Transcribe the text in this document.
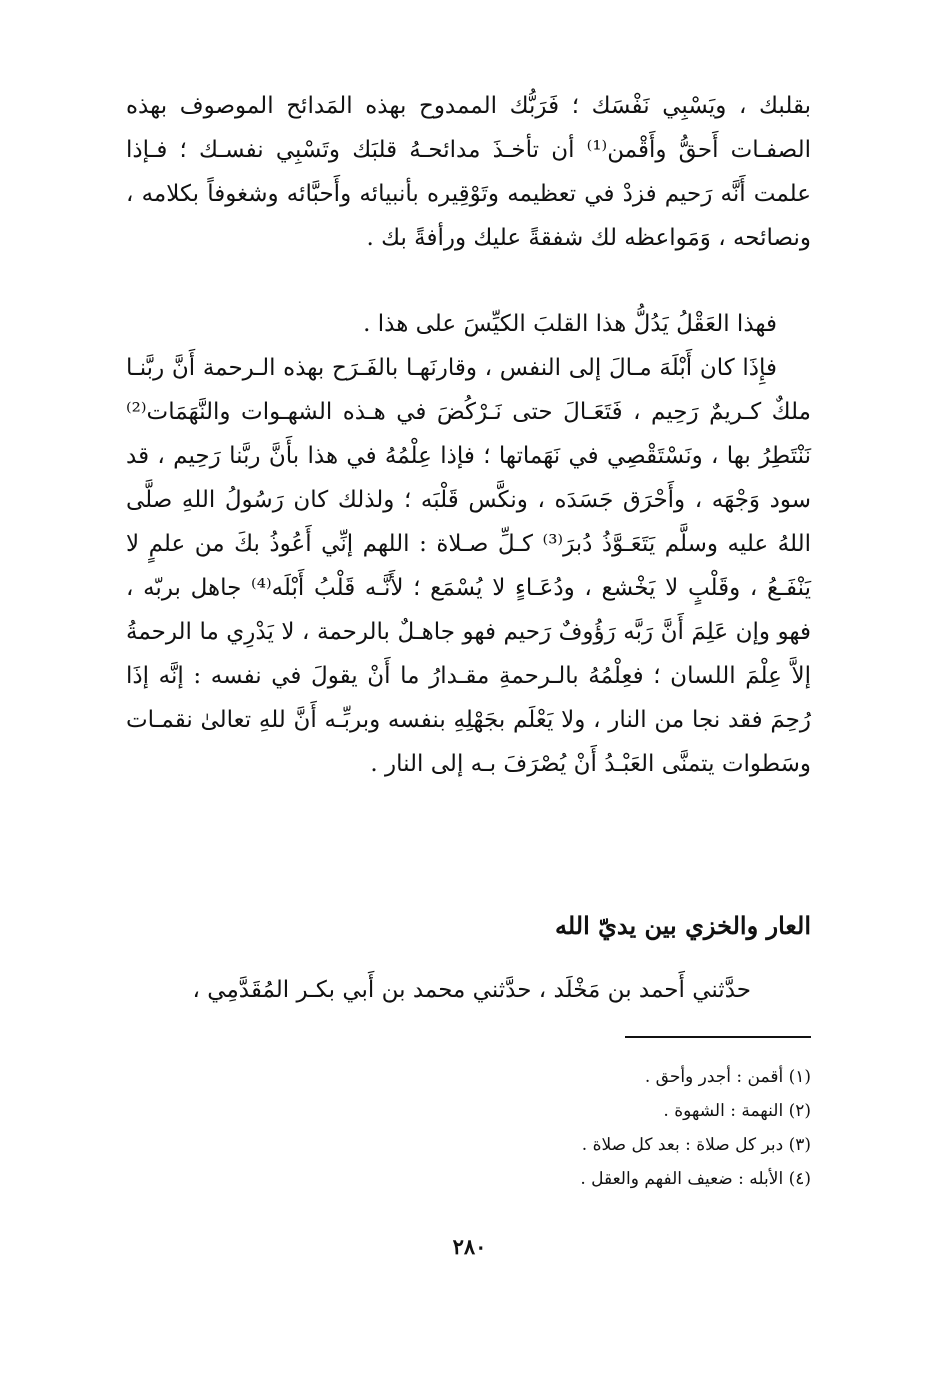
بقلبك ، ويَسْبِي نَفْسَك ؛ فَرَبُّك الممدوح بهذه المَدائح الموصوف بهذه الصفـات أَحقُّ وأَقْمن⁽¹⁾ أن تأخـذَ مدائحـهُ قلبَك وتَسْبِي نفسـك ؛ فـإذا علمت أَنَّه رَحيم فزدْ في تعظيمه وتَوْقِيره بأنبيائه وأَحبَّائه وشغوفاً بكلامه ، ونصائحه ، وَمَواعظه لك شفقةً عليك ورأفةً بك .

فهذا العَقْلُ يَدُلُّ هذا القلبَ الكيِّسَ على هذا .

فإِذَا كان أَبْلَهَ مـالَ إلى النفس ، وقارنَهـا بالفَـرَح بهذه الـرحمة أَنَّ ربَّنـا ملكٌ كـريمٌ رَحِيم ، فَتَعَـالَ حتى نَـرْكُضَ في هـذه الشهـوات والنَّهَمَات⁽²⁾ نَنْتَطِرُ بها ، ونَسْتَقْصِي في نَهَماتها ؛ فإذا عِلْمُهُ في هذا بأَنَّ ربَّنا رَحِيم ، قد سود وَجْهَه ، وأَحْرَق جَسَدَه ، ونكَّس قَلْبَه ؛ ولذلك كان رَسُولُ اللهِ صلَّى اللهُ عليه وسلَّم يَتَعَـوَّذُ دُبرَ⁽³⁾ كـلِّ صـلاة : اللهم إنِّي أَعُوذُ بكَ من علمٍ لا يَنْفَـعُ ، وقَلْبٍ لا يَخْشع ، ودُعَـاءٍ لا يُسْمَع ؛ لأَنَّـه قَلْبُ أَبْلَه⁽⁴⁾ جاهل بربّه ، فهو وإن عَلِمَ أَنَّ رَبَّه رَؤُوفٌ رَحيم فهو جاهـلٌ بالرحمة ، لا يَدْرِي ما الرحمةُ إلاَّ عِلْمَ اللسان ؛ فعِلْمُهُ بالـرحمةِ مقـدارُ ما أَنْ يقولَ في نفسه : إنَّه إذَا رُحِمَ فقد نجا من النار ، ولا يَعْلَم بجَهْلِهِ بنفسه وبربِّـه أَنَّ للهِ تعالىٰ نقمـات وسَطوات يتمنَّى العَبْـدُ أَنْ يُصْرَفَ بـه إلى النار .

العار والخزي بين يديّ الله

حدَّثني أَحمد بن مَخْلَد ، حدَّثني محمد بن أَبي بكـر المُقَدَّمِي ،

(١) أقمن : أجدر وأحق .
(٢) النهمة : الشهوة .
(٣) دبر كل صلاة : بعد كل صلاة .
(٤) الأبله : ضعيف الفهم والعقل .
٢٨٠
